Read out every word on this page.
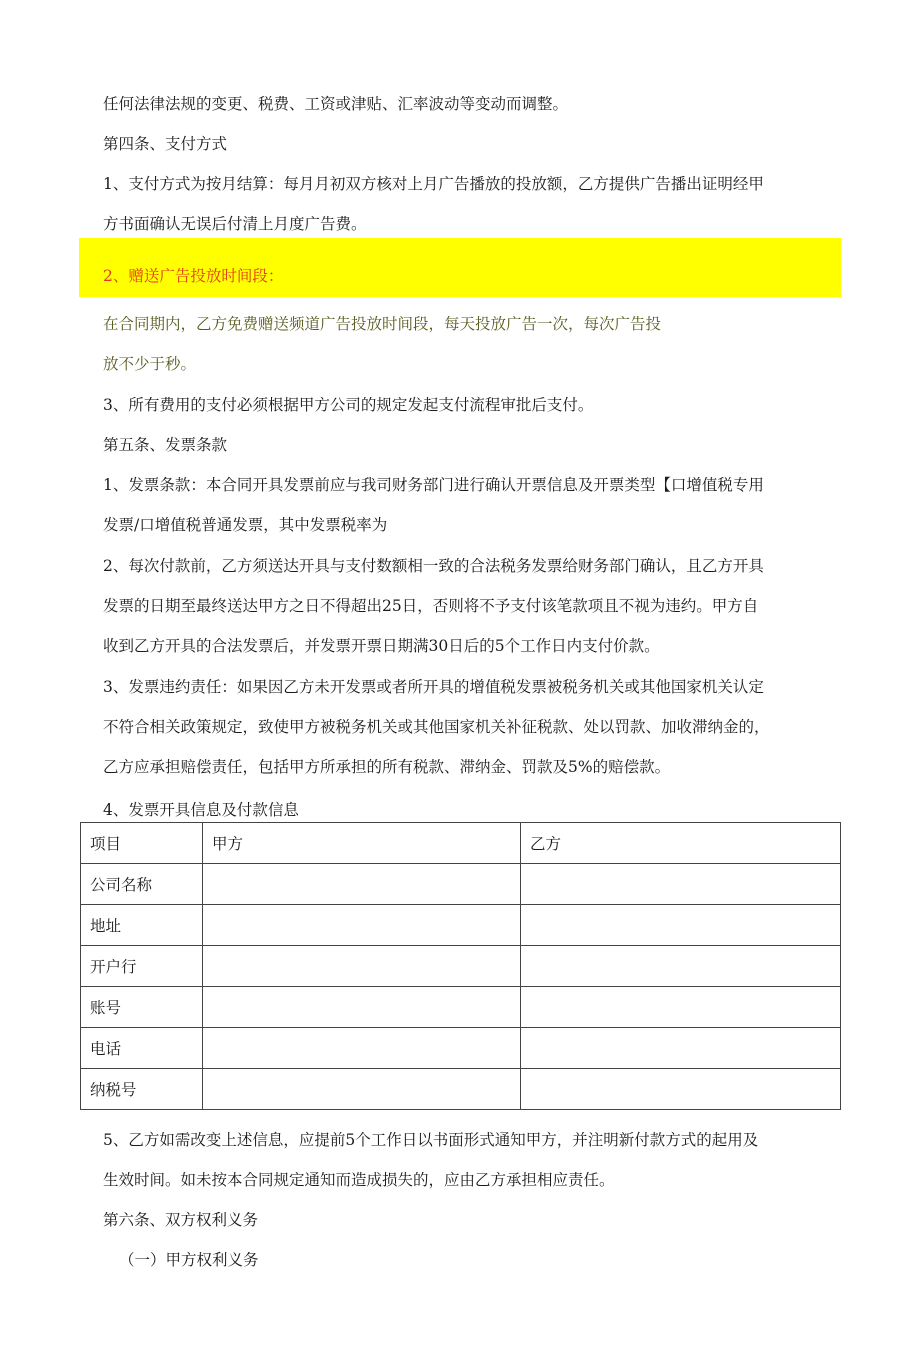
任何法律法规的变更、税费、工资或津贴、汇率波动等变动而调整。

第四条、支付方式

1、支付方式为按月结算：每月月初双方核对上月广告播放的投放额，乙方提供广告播出证明经甲

方书面确认无误后付清上月度广告费。

2、赠送广告投放时间段：

在合同期内，乙方免费赠送频道广告投放时间段，每天投放广告一次，每次广告投

放不少于秒。

3、所有费用的支付必须根据甲方公司的规定发起支付流程审批后支付。

第五条、发票条款

1、发票条款：本合同开具发票前应与我司财务部门进行确认开票信息及开票类型【口增值税专用

发票/口增值税普通发票，其中发票税率为

2、每次付款前，乙方须送达开具与支付数额相一致的合法税务发票给财务部门确认，且乙方开具

发票的日期至最终送达甲方之日不得超出25日，否则将不予支付该笔款项且不视为违约。甲方自

收到乙方开具的合法发票后，并发票开票日期满30日后的5个工作日内支付价款。

3、发票违约责任：如果因乙方未开发票或者所开具的增值税发票被税务机关或其他国家机关认定

不符合相关政策规定，致使甲方被税务机关或其他国家机关补征税款、处以罚款、加收滞纳金的，

乙方应承担赔偿责任，包括甲方所承担的所有税款、滞纳金、罚款及5%的赔偿款。

4、发票开具信息及付款信息

项目	甲方	乙方
公司名称		
地址		
开户行		
账号		
电话		
纳税号		

5、乙方如需改变上述信息，应提前5个工作日以书面形式通知甲方，并注明新付款方式的起用及

生效时间。如未按本合同规定通知而造成损失的，应由乙方承担相应责任。

第六条、双方权利义务

（一）甲方权利义务
